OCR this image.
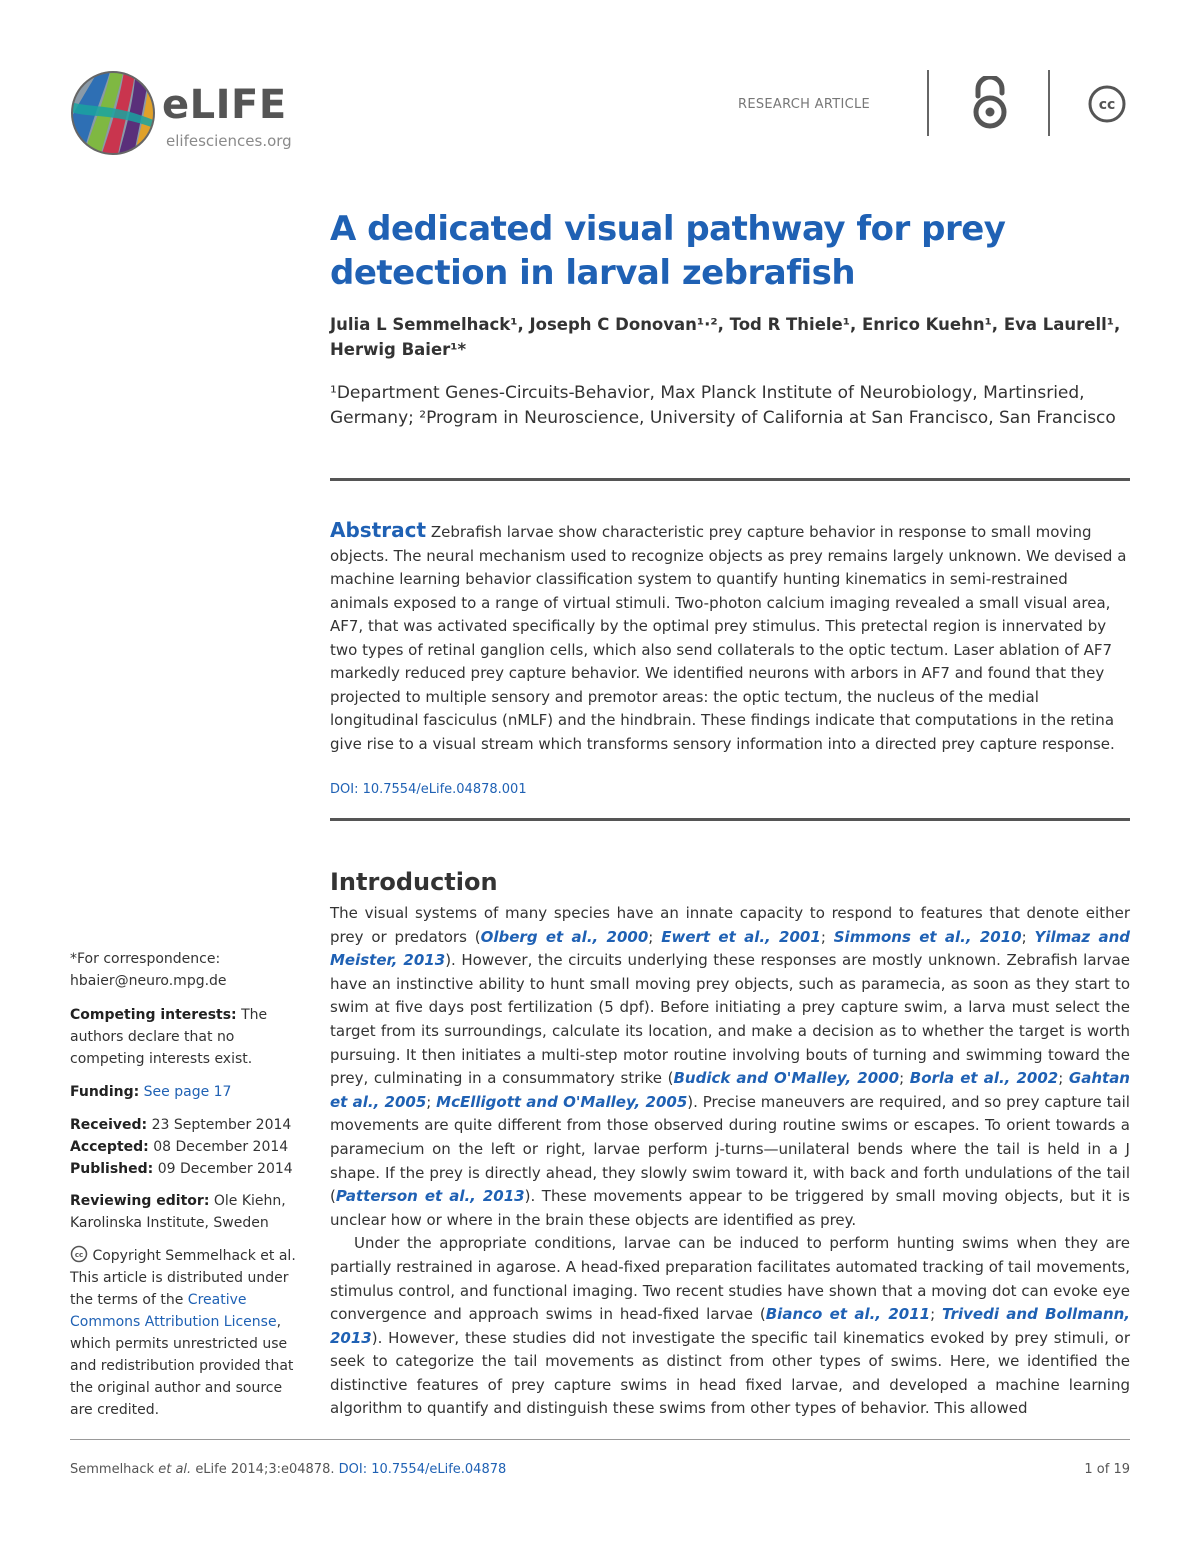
eLIFE
elifesciences.org
RESEARCH ARTICLE	cc
A dedicated visual pathway for prey detection in larval zebrafish
Julia L Semmelhack¹, Joseph C Donovan¹·², Tod R Thiele¹, Enrico Kuehn¹, Eva Laurell¹, Herwig Baier¹*
¹Department Genes-Circuits-Behavior, Max Planck Institute of Neurobiology, Martinsried, Germany; ²Program in Neuroscience, University of California at San Francisco, San Francisco
Abstract Zebrafish larvae show characteristic prey capture behavior in response to small moving objects. The neural mechanism used to recognize objects as prey remains largely unknown. We devised a machine learning behavior classification system to quantify hunting kinematics in semi-restrained animals exposed to a range of virtual stimuli. Two-photon calcium imaging revealed a small visual area, AF7, that was activated specifically by the optimal prey stimulus. This pretectal region is innervated by two types of retinal ganglion cells, which also send collaterals to the optic tectum. Laser ablation of AF7 markedly reduced prey capture behavior. We identified neurons with arbors in AF7 and found that they projected to multiple sensory and premotor areas: the optic tectum, the nucleus of the medial longitudinal fasciculus (nMLF) and the hindbrain. These findings indicate that computations in the retina give rise to a visual stream which transforms sensory information into a directed prey capture response.
DOI: 10.7554/eLife.04878.001
Introduction

The visual systems of many species have an innate capacity to respond to features that denote either prey or predators (Olberg et al., 2000; Ewert et al., 2001; Simmons et al., 2010; Yilmaz and Meister, 2013). However, the circuits underlying these responses are mostly unknown. Zebrafish larvae have an instinctive ability to hunt small moving prey objects, such as paramecia, as soon as they start to swim at five days post fertilization (5 dpf). Before initiating a prey capture swim, a larva must select the target from its surroundings, calculate its location, and make a decision as to whether the target is worth pursuing. It then initiates a multi-step motor routine involving bouts of turning and swimming toward the prey, culminating in a consummatory strike (Budick and O'Malley, 2000; Borla et al., 2002; Gahtan et al., 2005; McElligott and O'Malley, 2005). Precise maneuvers are required, and so prey capture tail movements are quite different from those observed during routine swims or escapes. To orient towards a paramecium on the left or right, larvae perform j-turns—unilateral bends where the tail is held in a J shape. If the prey is directly ahead, they slowly swim toward it, with back and forth undulations of the tail (Patterson et al., 2013). These movements appear to be triggered by small moving objects, but it is unclear how or where in the brain these objects are identified as prey.

Under the appropriate conditions, larvae can be induced to perform hunting swims when they are partially restrained in agarose. A head-fixed preparation facilitates automated tracking of tail movements, stimulus control, and functional imaging. Two recent studies have shown that a moving dot can evoke eye convergence and approach swims in head-fixed larvae (Bianco et al., 2011; Trivedi and Bollmann, 2013). However, these studies did not investigate the specific tail kinematics evoked by prey stimuli, or seek to categorize the tail movements as distinct from other types of swims. Here, we identified the distinctive features of prey capture swims in head fixed larvae, and developed a machine learning algorithm to quantify and distinguish these swims from other types of behavior. This allowed

*For correspondence: hbaier@neuro.mpg.de
Competing interests: The authors declare that no competing interests exist.
Funding: See page 17
Received: 23 September 2014
Accepted: 08 December 2014
Published: 09 December 2014
Reviewing editor: Ole Kiehn, Karolinska Institute, Sweden
cc Copyright Semmelhack et al. This article is distributed under the terms of the Creative Commons Attribution License, which permits unrestricted use and redistribution provided that the original author and source are credited.
Semmelhack et al. eLife 2014;3:e04878. DOI: 10.7554/eLife.04878	1 of 19
